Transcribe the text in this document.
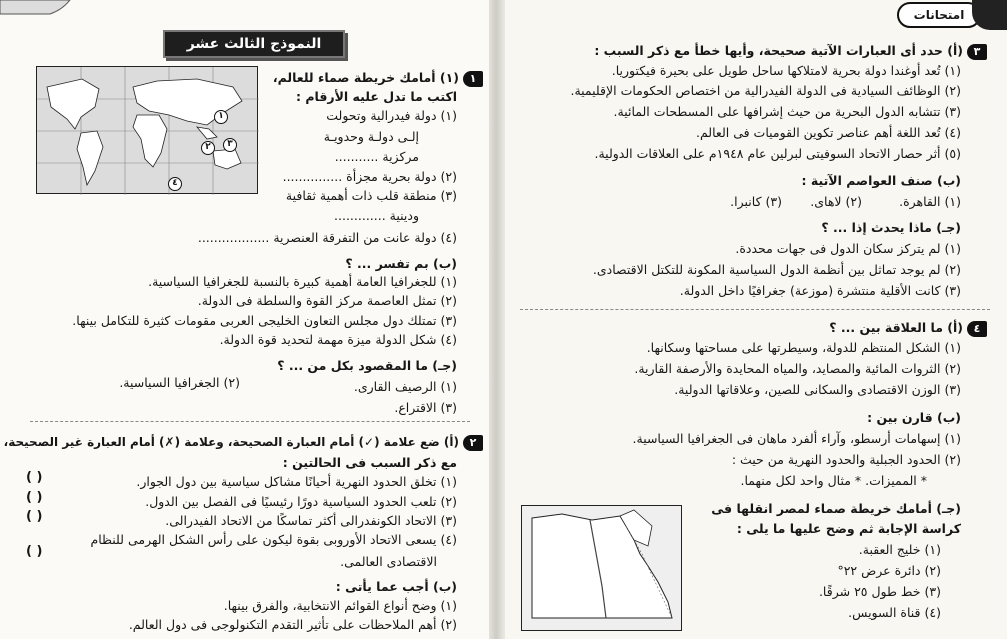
النموذج الثالث عشر
١(١) أمامك خريطة صماء للعالم،
اكتب ما تدل عليه الأرقام :
(١) دولة فيدرالية وتحولت
إلـى دولـة وحدويـة
مركزية ...........
(٢) دولة بحرية مجزأة ...............
(٣) منطقة قلب ذات أهمية ثقافية
ودينية .............
(٤) دولة عانت من التفرقة العنصرية ..................
١
٢	٣
٤
(ب) بم تفسر ... ؟
(١) للجغرافيا العامة أهمية كبيرة بالنسبة للجغرافيا السياسية.
(٢) تمثل العاصمة مركز القوة والسلطة فى الدولة.
(٣) تمتلك دول مجلس التعاون الخليجى العربى مقومات كثيرة للتكامل بينها.
(٤) شكل الدولة ميزة مهمة لتحديد قوة الدولة.
(جـ) ما المقصود بكل من ... ؟
(١) الرصيف القارى.
(٢) الجغرافيا السياسية.
(٣) الاقتراع.
٢(أ) ضع علامة (✓) أمام العبارة الصحيحة، وعلامة (✗) أمام العبارة غير الصحيحة،
مع ذكر السبب فى الحالتين :
(١) تخلق الحدود النهرية أحيانًا مشاكل سياسية بين دول الجوار.
(٢) تلعب الحدود السياسية دورًا رئيسيًا فى الفصل بين الدول.
(٣) الاتحاد الكونفدرالى أكثر تماسكًا من الاتحاد الفيدرالى.
(٤) يسعى الاتحاد الأوروبى بقوة ليكون على رأس الشكل الهرمى للنظام
الاقتصادى العالمى.
( )
( )
( )
( )
(ب) أجب عما يأتى :
(١) وضح أنواع القوائم الانتخابية، والفرق بينها.
(٢) أهم الملاحظات على تأثير التقدم التكنولوجى فى دول العالم.
امتحانات
٣(أ) حدد أى العبارات الآتية صحيحة، وأيها خطأ مع ذكر السبب :
(١) تُعد أوغندا دولة بحرية لامتلاكها ساحل طويل على بحيرة فيكتوريا.
(٢) الوظائف السيادية فى الدولة الفيدرالية من اختصاص الحكومات الإقليمية.
(٣) تتشابه الدول البحرية من حيث إشرافها على المسطحات المائية.
(٤) تُعد اللغة أهم عناصر تكوين القوميات فى العالم.
(٥) أثر حصار الاتحاد السوفيتى لبرلين عام ١٩٤٨م على العلاقات الدولية.
(ب) صنف العواصم الآتية :
(١) القاهرة.
(٢) لاهاى.
(٣) كانبرا.
(جـ) ماذا يحدث إذا ... ؟
(١) لم يتركز سكان الدول فى جهات محددة.
(٢) لم يوجد تماثل بين أنظمة الدول السياسية المكونة للتكتل الاقتصادى.
(٣) كانت الأقلية منتشرة (موزعة) جغرافيًا داخل الدولة.
٤(أ) ما العلاقة بين ... ؟
(١) الشكل المنتظم للدولة، وسيطرتها على مساحتها وسكانها.
(٢) الثروات المائية والمصايد، والمياه المحايدة والأرصفة القارية.
(٣) الوزن الاقتصادى والسكانى للصين، وعلاقاتها الدولية.
(ب) قارن بين :
(١) إسهامات أرسطو، وآراء ألفرد ماهان فى الجغرافيا السياسية.
(٢) الحدود الجبلية والحدود النهرية من حيث :
* المميزات. * مثال واحد لكل منهما.
(جـ) أمامك خريطة صماء لمصر انقلها فى
كراسة الإجابة ثم وضح عليها ما يلى :
(١) خليج العقبة.
(٢) دائرة عرض ٢٢°
(٣) خط طول ٢٥ شرقًا.
(٤) قناة السويس.
